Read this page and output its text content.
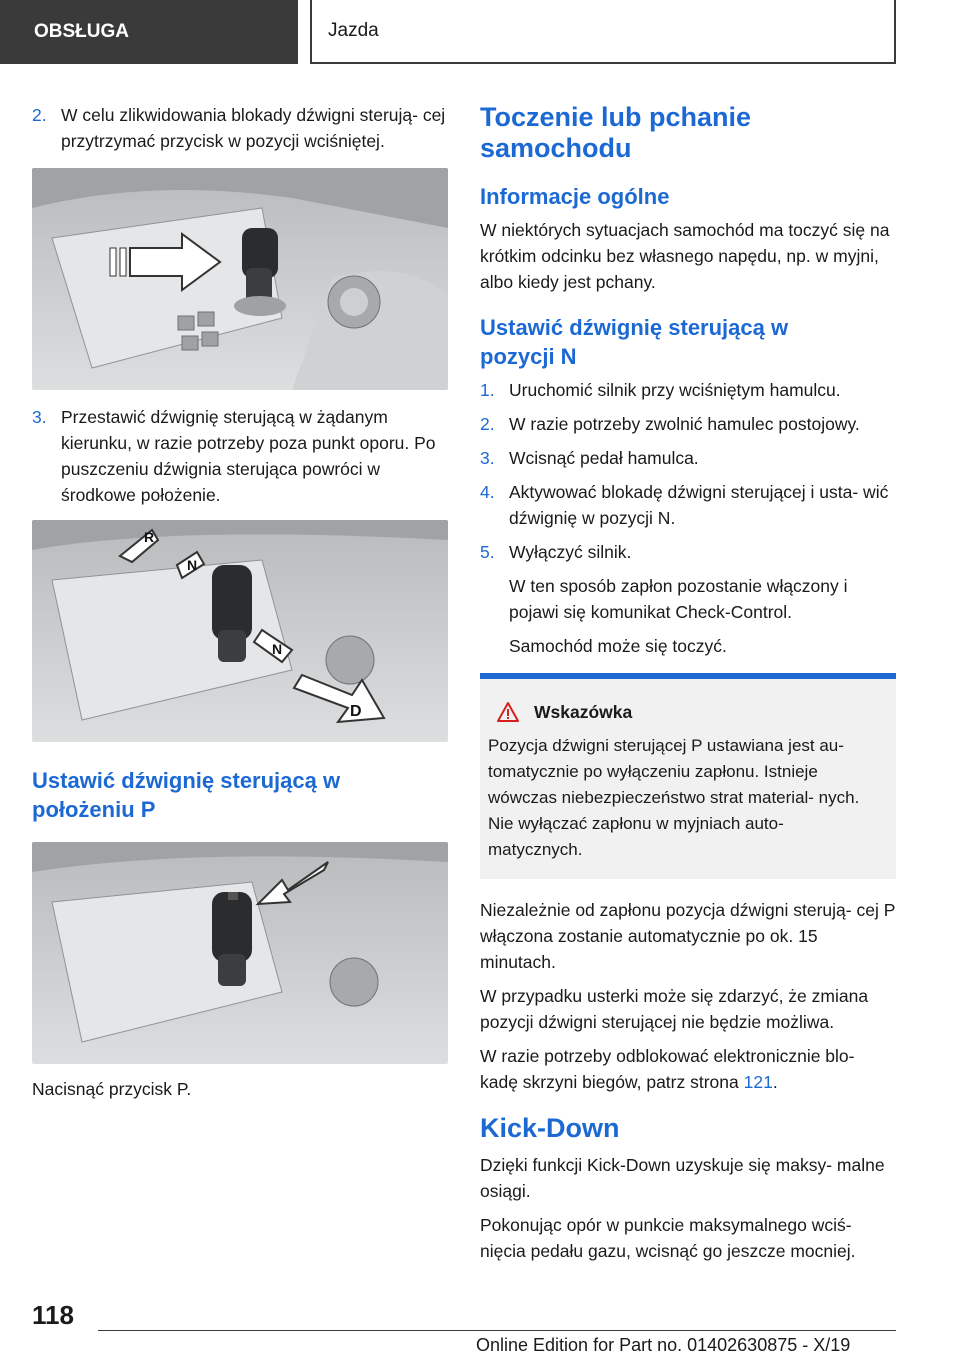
OBSŁUGA	Jazda
2. W celu zlikwidowania blokady dźwigni sterują‐ cej przytrzymać przycisk w pozycji wciśniętej.
3. Przestawić dźwignię sterującą w żądanym kierunku, w razie potrzeby poza punkt oporu. Po puszczeniu dźwignia sterująca powróci w środkowe położenie.
R
N
N
D
Ustawić dźwignię sterującą w położeniu P
Nacisnąć przycisk P.
Toczenie lub pchanie samochodu
Informacje ogólne
W niektórych sytuacjach samochód ma toczyć się na krótkim odcinku bez własnego napędu, np. w myjni, albo kiedy jest pchany.
Ustawić dźwignię sterującą w pozycji N
1. Uruchomić silnik przy wciśniętym hamulcu.
2. W razie potrzeby zwolnić hamulec postojowy.
3. Wcisnąć pedał hamulca.
4. Aktywować blokadę dźwigni sterującej i usta‐ wić dźwignię w pozycji N.
5. Wyłączyć silnik.
W ten sposób zapłon pozostanie włączony i pojawi się komunikat Check-Control.
Samochód może się toczyć.
Wskazówka
Pozycja dźwigni sterującej P ustawiana jest au‐ tomatycznie po wyłączeniu zapłonu. Istnieje wówczas niebezpieczeństwo strat material‐ nych. Nie wyłączać zapłonu w myjniach auto‐ matycznych.
Niezależnie od zapłonu pozycja dźwigni sterują‐ cej P włączona zostanie automatycznie po ok. 15 minutach.
W przypadku usterki może się zdarzyć, że zmiana pozycji dźwigni sterującej nie będzie możliwa.
W razie potrzeby odblokować elektronicznie blo‐ kadę skrzyni biegów, patrz strona 121.
Kick-Down
Dzięki funkcji Kick-Down uzyskuje się maksy‐ malne osiągi.
Pokonując opór w punkcie maksymalnego wciś‐ nięcia pedału gazu, wcisnąć go jeszcze mocniej.
118
Online Edition for Part no. 01402630875 - X/19
